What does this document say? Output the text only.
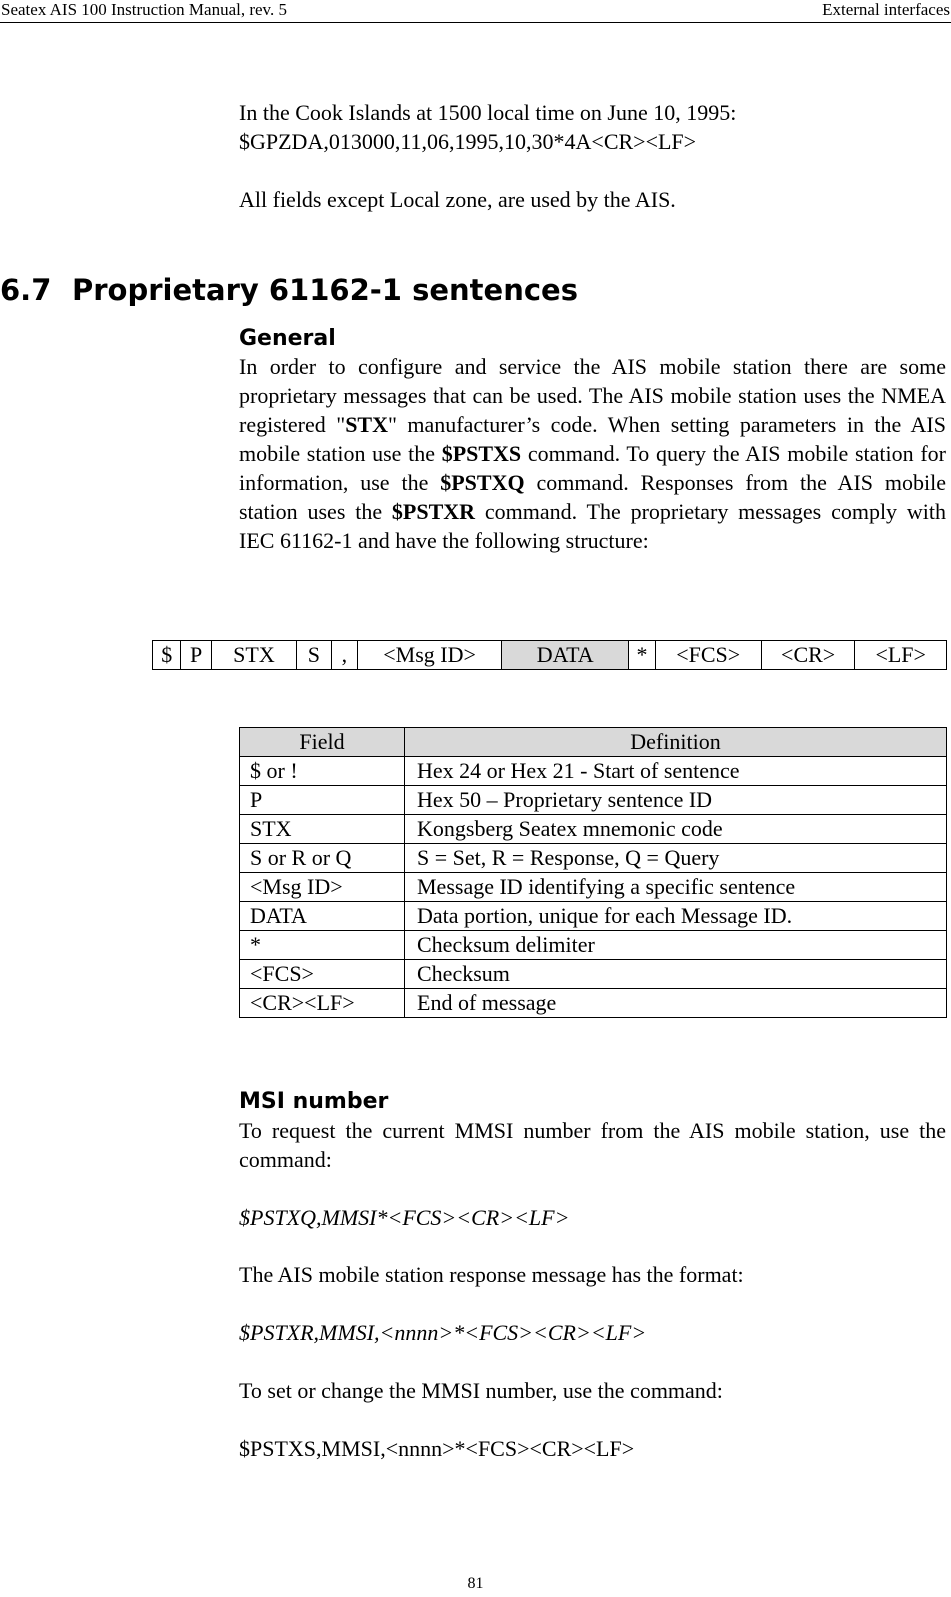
Seatex AIS 100 Instruction Manual, rev. 5	External interfaces
In the Cook Islands at 1500 local time on June 10, 1995:
$GPZDA,013000,11,06,1995,10,30*4A<CR><LF>
All fields except Local zone, are used by the AIS.
6.7 Proprietary 61162-1 sentences
General
In order to configure and service the AIS mobile station there are some proprietary messages that can be used. The AIS mobile station uses the NMEA registered "STX" manufacturer’s code. When setting parameters in the AIS mobile station use the $PSTXS command. To query the AIS mobile station for information, use the $PSTXQ command. Responses from the AIS mobile station uses the $PSTXR command. The proprietary messages comply with IEC 61162-1 and have the following structure:
$	P	STX	S	,	<Msg ID>	DATA	*	<FCS>	<CR>	<LF>
Field	Definition
$ or !	Hex 24 or Hex 21 - Start of sentence
P	Hex 50 – Proprietary sentence ID
STX	Kongsberg Seatex mnemonic code
S or R or Q	S = Set, R = Response, Q = Query
<Msg ID>	Message ID identifying a specific sentence
DATA	Data portion, unique for each Message ID.
*	Checksum delimiter
<FCS>	Checksum
<CR><LF>	End of message
MSI number
To request the current MMSI number from the AIS mobile station, use the command:
$PSTXQ,MMSI*<FCS><CR><LF>
The AIS mobile station response message has the format:
$PSTXR,MMSI,<nnnn>*<FCS><CR><LF>
To set or change the MMSI number, use the command:
$PSTXS,MMSI,<nnnn>*<FCS><CR><LF>
81
